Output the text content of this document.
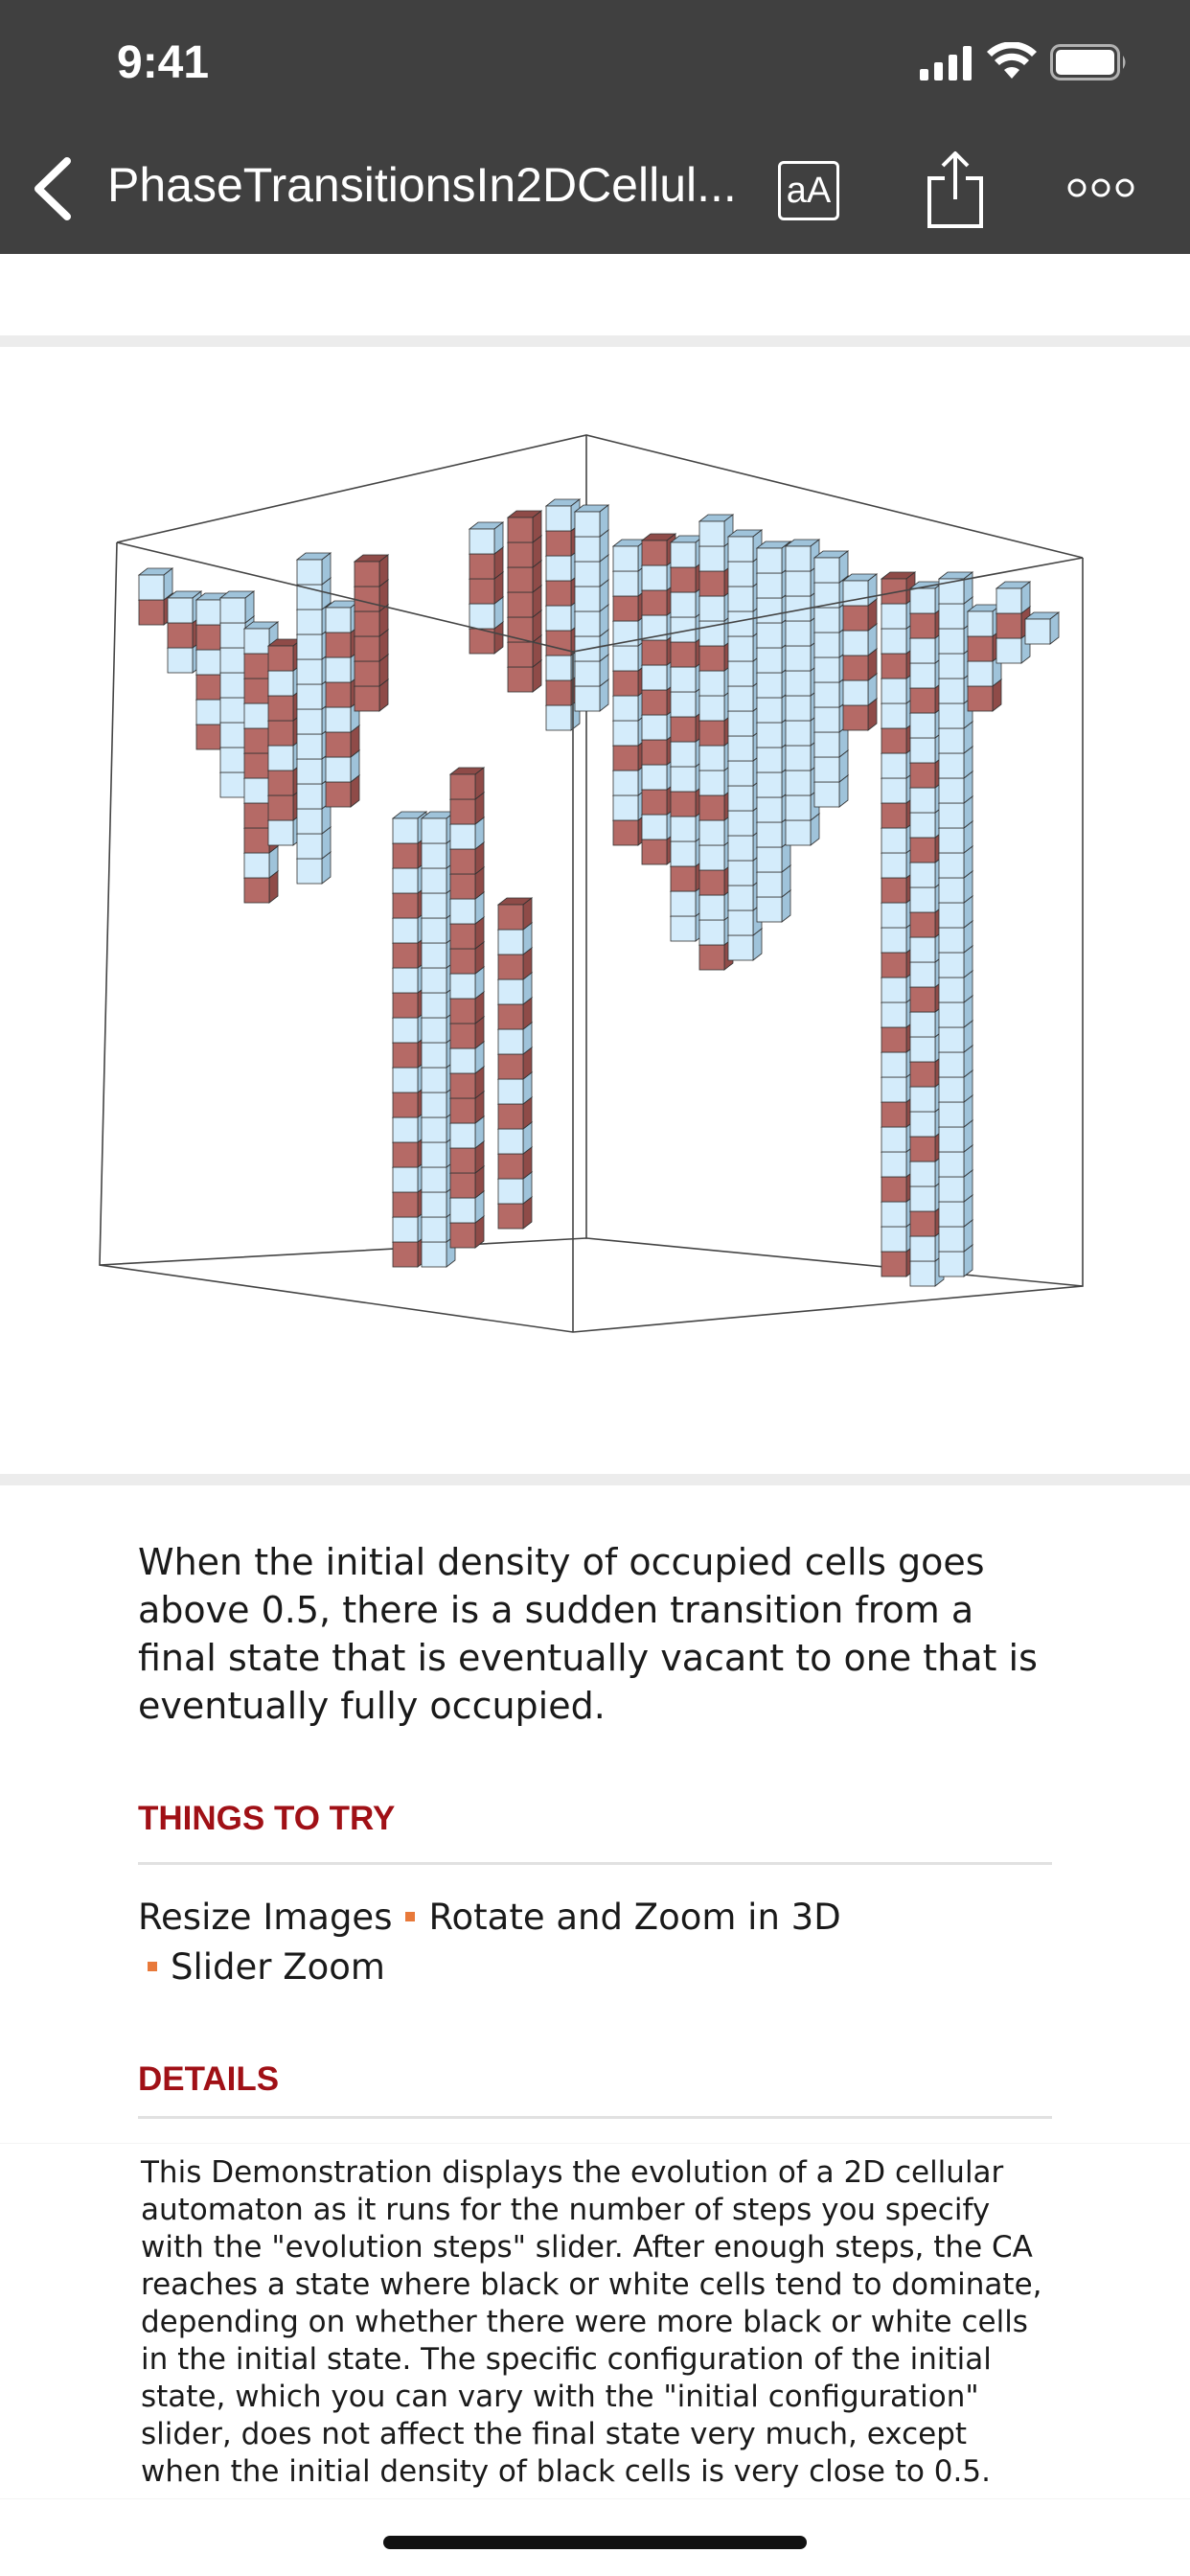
9:41
PhaseTransitionsIn2DCellul... aA
When the initial density of occupied cells goes above 0.5, there is a sudden transition from a final state that is eventually vacant to one that is eventually fully occupied.
THINGS TO TRY
Resize Images Rotate and Zoom in 3D
Slider Zoom
DETAILS
This Demonstration displays the evolution of a 2D cellular automaton as it runs for the number of steps you specify with the "evolution steps" slider. After enough steps, the CA reaches a state where black or white cells tend to dominate, depending on whether there were more black or white cells in the initial state. The specific configuration of the initial state, which you can vary with the "initial configuration" slider, does not affect the final state very much, except when the initial density of black cells is very close to 0.5.
